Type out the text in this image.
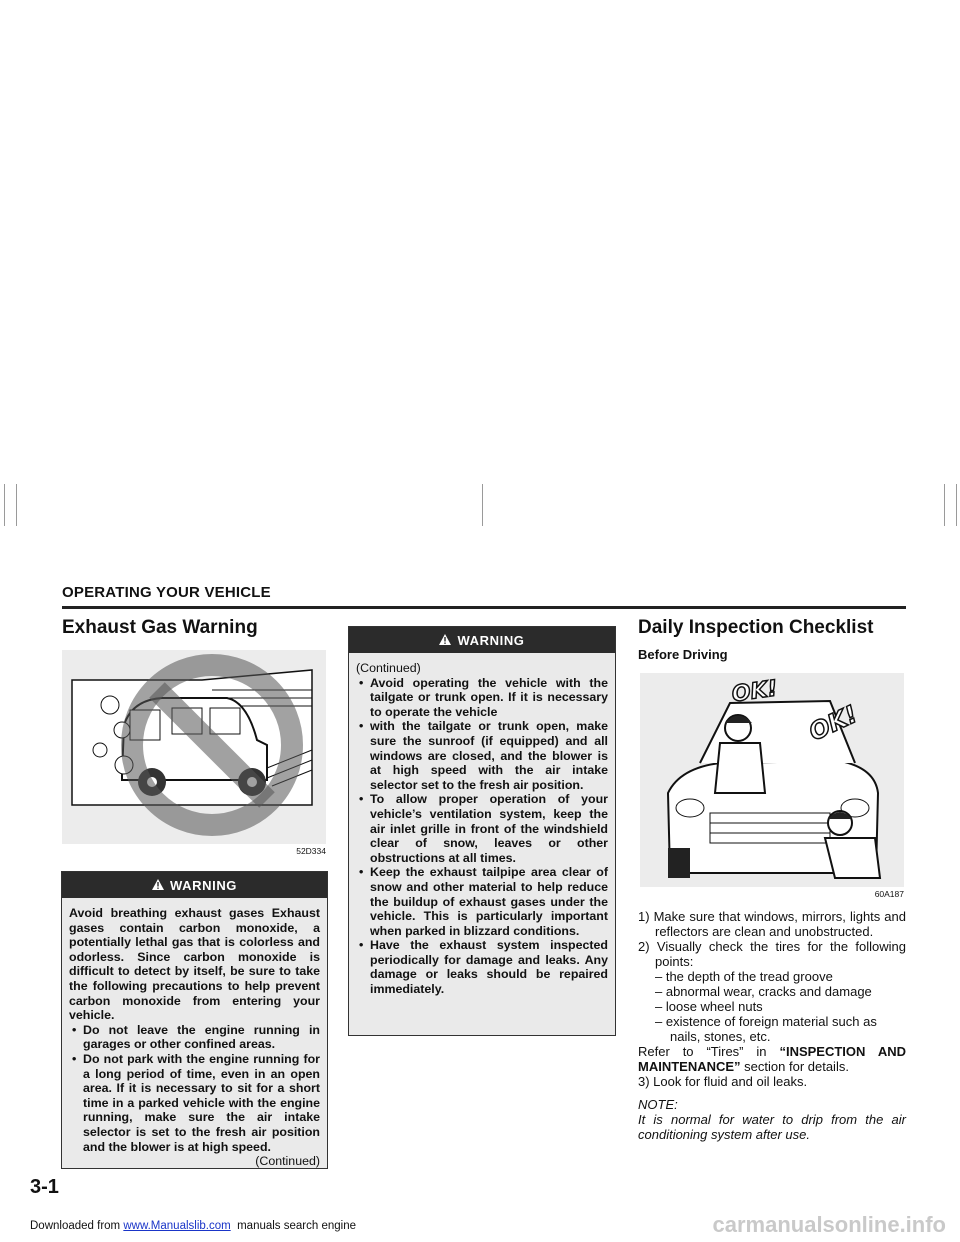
OPERATING YOUR VEHICLE
Exhaust Gas Warning
52D334
WARNING
Avoid breathing exhaust gases Exhaust gases contain carbon monoxide, a potentially lethal gas that is colorless and odorless. Since carbon monoxide is difficult to detect by itself, be sure to take the following precautions to help prevent carbon monoxide from entering your vehicle.
• Do not leave the engine running in garages or other confined areas.
• Do not park with the engine running for a long period of time, even in an open area. If it is necessary to sit for a short time in a parked vehicle with the engine running, make sure the air intake selector is set to the fresh air position and the blower is at high speed.
(Continued)
WARNING
(Continued)
• Avoid operating the vehicle with the tailgate or trunk open. If it is necessary to operate the vehicle
• with the tailgate or trunk open, make sure the sunroof (if equipped) and all windows are closed, and the blower is at high speed with the air intake selector set to the fresh air position.
• To allow proper operation of your vehicle’s ventilation system, keep the air inlet grille in front of the windshield clear of snow, leaves or other obstructions at all times.
• Keep the exhaust tailpipe area clear of snow and other material to help reduce the buildup of exhaust gases under the vehicle. This is particularly important when parked in blizzard conditions.
• Have the exhaust system inspected periodically for damage and leaks. Any damage or leaks should be repaired immediately.
Daily Inspection Checklist
Before Driving
OK!
OK!
60A187

1) Make sure that windows, mirrors, lights and reflectors are clean and unobstructed.

2) Visually check the tires for the following points:

– the depth of the tread groove

– abnormal wear, cracks and damage

– loose wheel nuts

– existence of foreign material such as nails, stones, etc.

Refer to “Tires” in “INSPECTION AND MAINTENANCE” section for details.

3) Look for fluid and oil leaks.

NOTE:

It is normal for water to drip from the air conditioning system after use.

3-1
Downloaded from www.Manualslib.com  manuals search engine	carmanualsonline.info
